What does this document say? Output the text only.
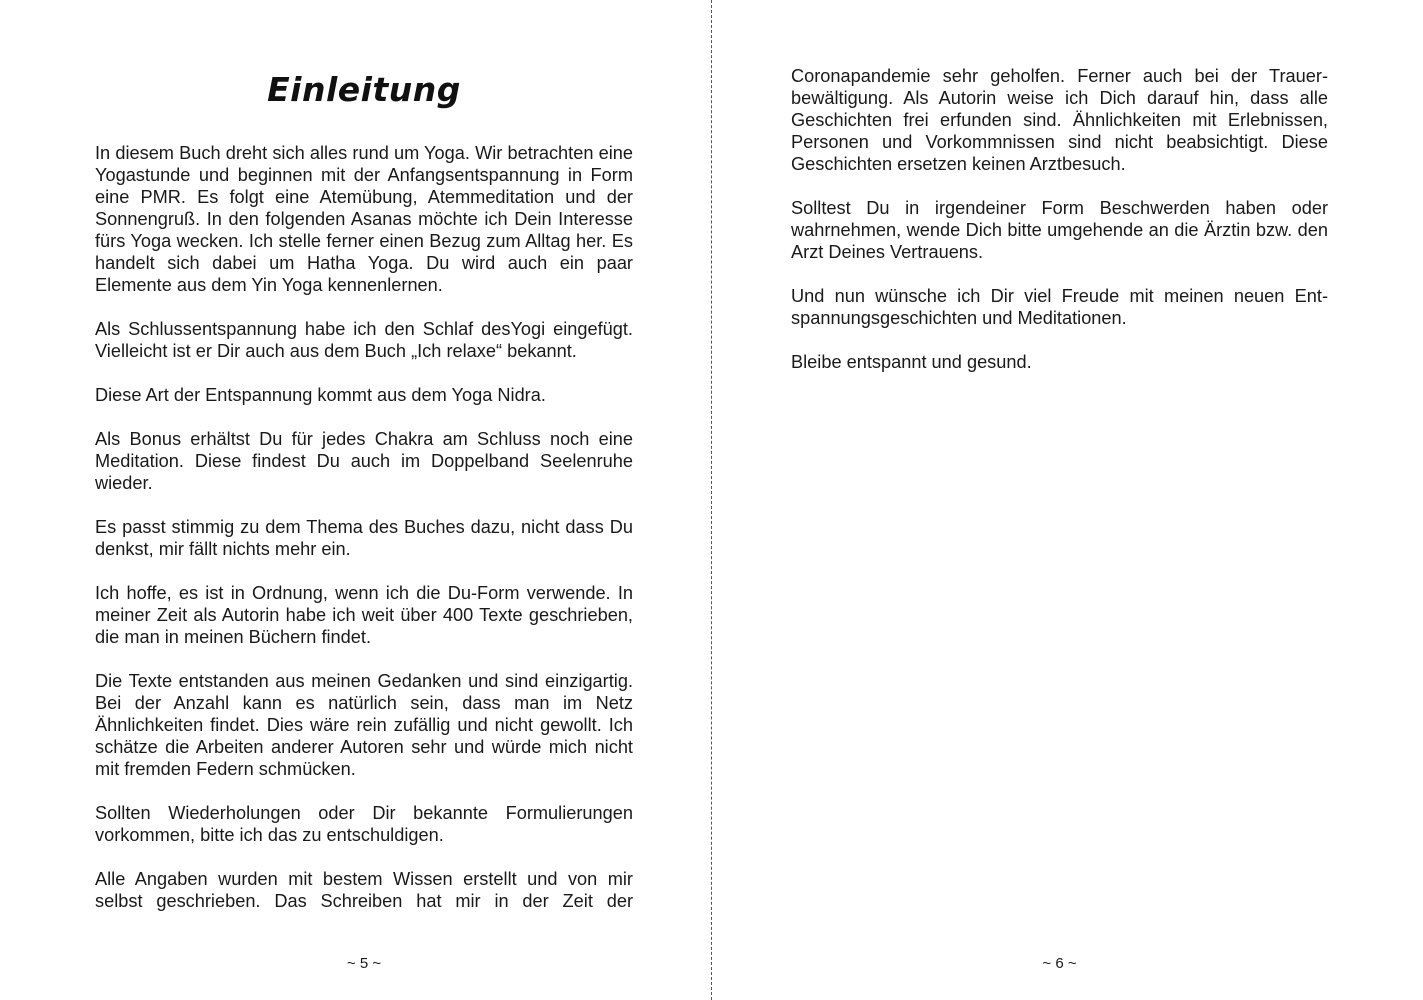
Einleitung

In diesem Buch dreht sich alles rund um Yoga. Wir betrachten eine Yogastunde und beginnen mit der Anfangsentspannung in Form eine PMR. Es folgt eine Atemübung, Atemmeditation und der Sonnengruß. In den folgenden Asanas möchte ich Dein Interesse fürs Yoga wecken. Ich stelle ferner einen Bezug zum Alltag her. Es handelt sich dabei um Hatha Yoga. Du wird auch ein paar Elemente aus dem Yin Yoga kennenlernen.

Als Schlussentspannung habe ich den Schlaf desYogi eingefügt. Vielleicht ist er Dir auch aus dem Buch „Ich relaxe“ bekannt.

Diese Art der Entspannung kommt aus dem Yoga Nidra.

Als Bonus erhältst Du für jedes Chakra am Schluss noch eine Meditation. Diese findest Du auch im Doppelband Seelenruhe wieder.

Es passt stimmig zu dem Thema des Buches dazu, nicht dass Du denkst, mir fällt nichts mehr ein.

Ich hoffe, es ist in Ordnung, wenn ich die Du-Form verwende. In meiner Zeit als Autorin habe ich weit über 400 Texte geschrieben, die man in meinen Büchern findet.

Die Texte entstanden aus meinen Gedanken und sind einzigartig. Bei der Anzahl kann es natürlich sein, dass man im Netz Ähnlichkeiten findet. Dies wäre rein zufällig und nicht gewollt. Ich schätze die Arbeiten anderer Autoren sehr und würde mich nicht mit fremden Federn schmücken.

Sollten Wiederholungen oder Dir bekannte Formulierungen vorkommen, bitte ich das zu entschuldigen.

Alle Angaben wurden mit bestem Wissen erstellt und von mir selbst geschrieben. Das Schreiben hat mir in der Zeit der

~ 5 ~

Coronapandemie sehr geholfen. Ferner auch bei der Trauerbewältigung. Als Autorin weise ich Dich darauf hin, dass alle Geschichten frei erfunden sind. Ähnlichkeiten mit Erlebnissen, Personen und Vorkommnissen sind nicht beabsichtigt. Diese Geschichten ersetzen keinen Arztbesuch.

Solltest Du in irgendeiner Form Beschwerden haben oder wahrnehmen, wende Dich bitte umgehende an die Ärztin bzw. den Arzt Deines Vertrauens.

Und nun wünsche ich Dir viel Freude mit meinen neuen Entspannungsgeschichten und Meditationen.

Bleibe entspannt und gesund.

~ 6 ~
